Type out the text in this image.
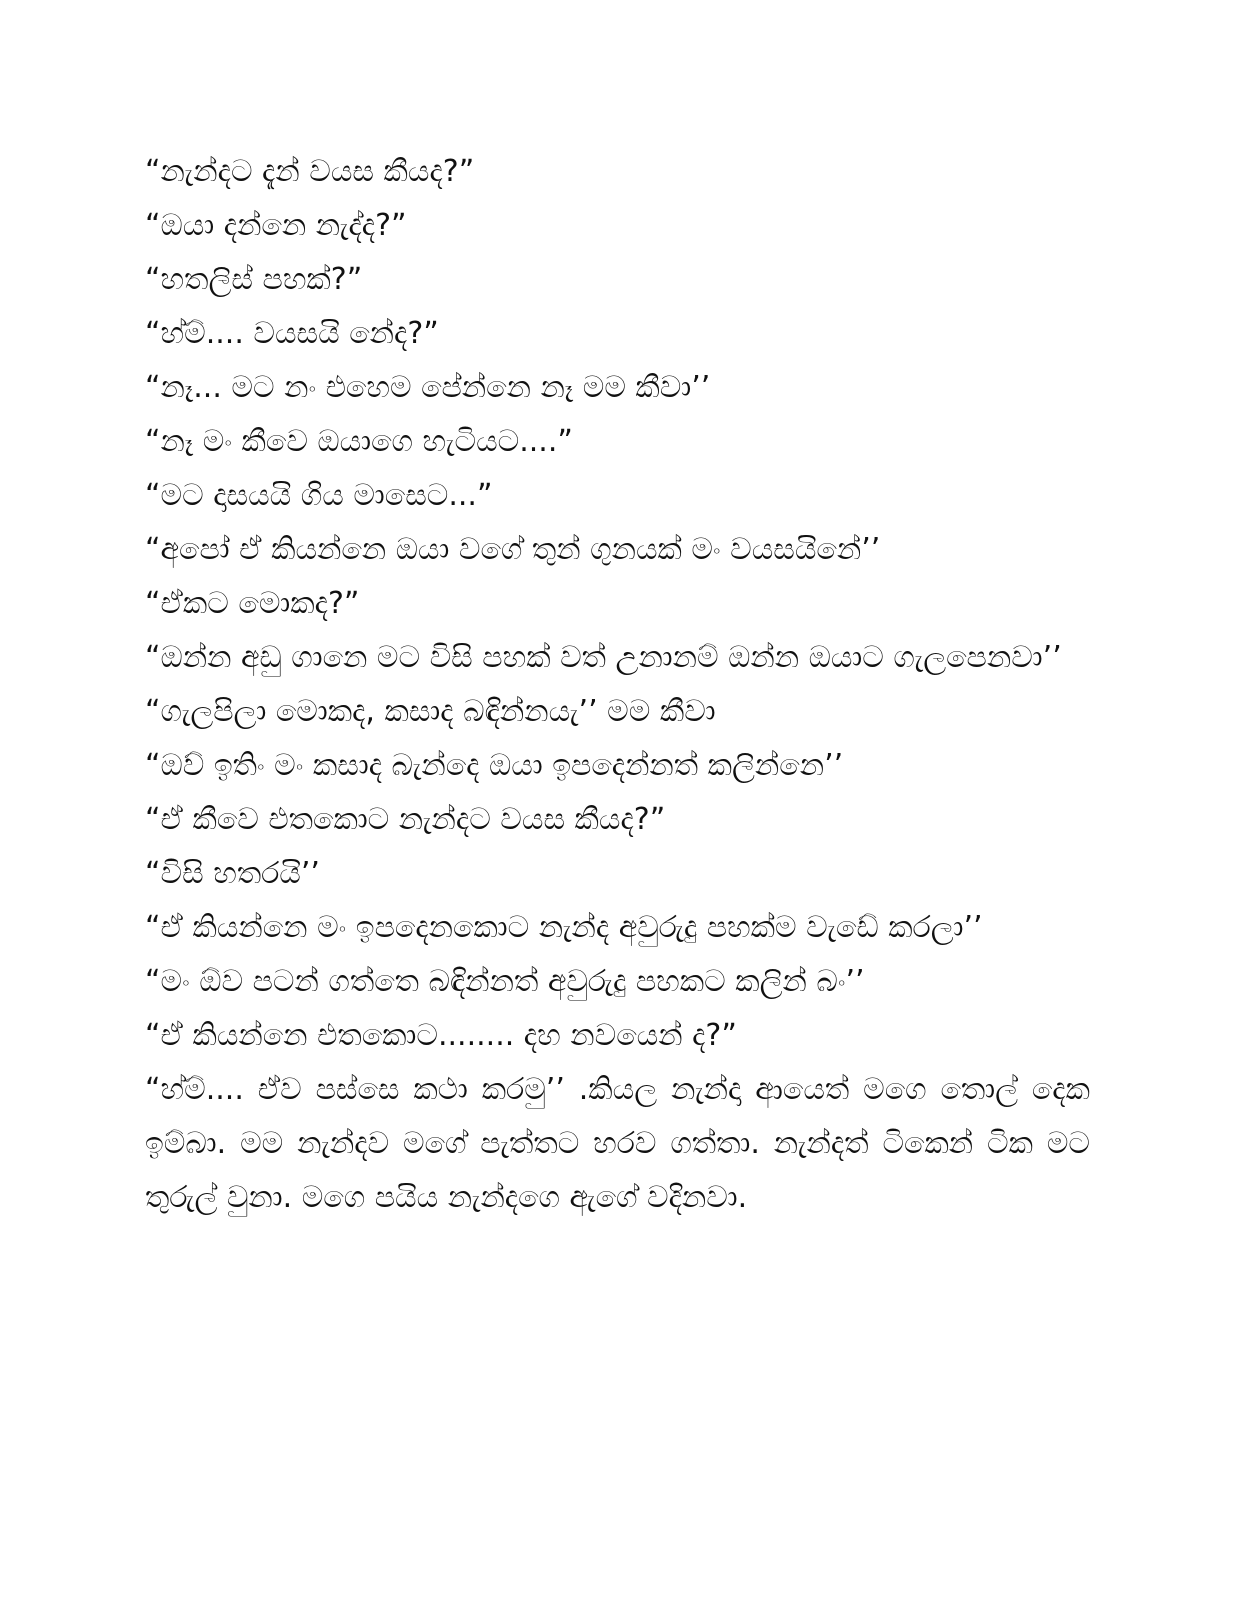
“නැන්දට දැන් වයස කීයද?”

“ඔයා දන්නෙ නැද්ද?”

“හතලිස් පහක්?”

“හ්ම්.... වයසයි නේද?”

“නෑ... මට නං එහෙම පේන්නෙ නෑ මම කීවා’’

“නෑ මං කීවෙ ඔයාගෙ හැටියට....”

“මට දාසයයි ගිය මාසෙට...”

“අපෝ ඒ කියන්නෙ ඔයා වගේ තුන් ගුනයක් මං වයසයිනේ’’

“ඒකට මොකද?”

“ඔන්න අඩු ගානෙ මට විසි පහක් වත් උනානම් ඔන්න ඔයාට ගැලපෙනවා’’

“ගැලපිලා මොකද, කසාද බඳින්නයැ’’ මම කීවා

“ඔව් ඉතිං මං කසාද බැන්දෙ ඔයා ඉපදෙන්නත් කලින්නෙ’’

“ඒ කීවෙ එතකොට නැන්දට වයස කීයද?”

“විසි හතරයි’’

“ඒ කියන්නෙ මං ඉපදෙනකොට නැන්ද අවුරුදු පහක්ම වැඩේ කරලා’’

“මං ඕව පටන් ගත්තෙ බඳින්නත් අවුරුදු පහකට කලින් බං’’

“ඒ කියන්නෙ එතකොට........ දහ නවයෙන් ද?”

“හ්ම්.... ඒව පස්සෙ කථා කරමු’’ .කියල නැන්දා ආයෙත් මගෙ තොල් දෙක ඉම්බා. මම නැන්දව මගේ පැත්තට හරව ගත්තා. නැන්දත් ටිකෙන් ටික මට තුරුල් වුනා. මගෙ පයිය නැන්දගෙ ඇගේ වදිනවා.
